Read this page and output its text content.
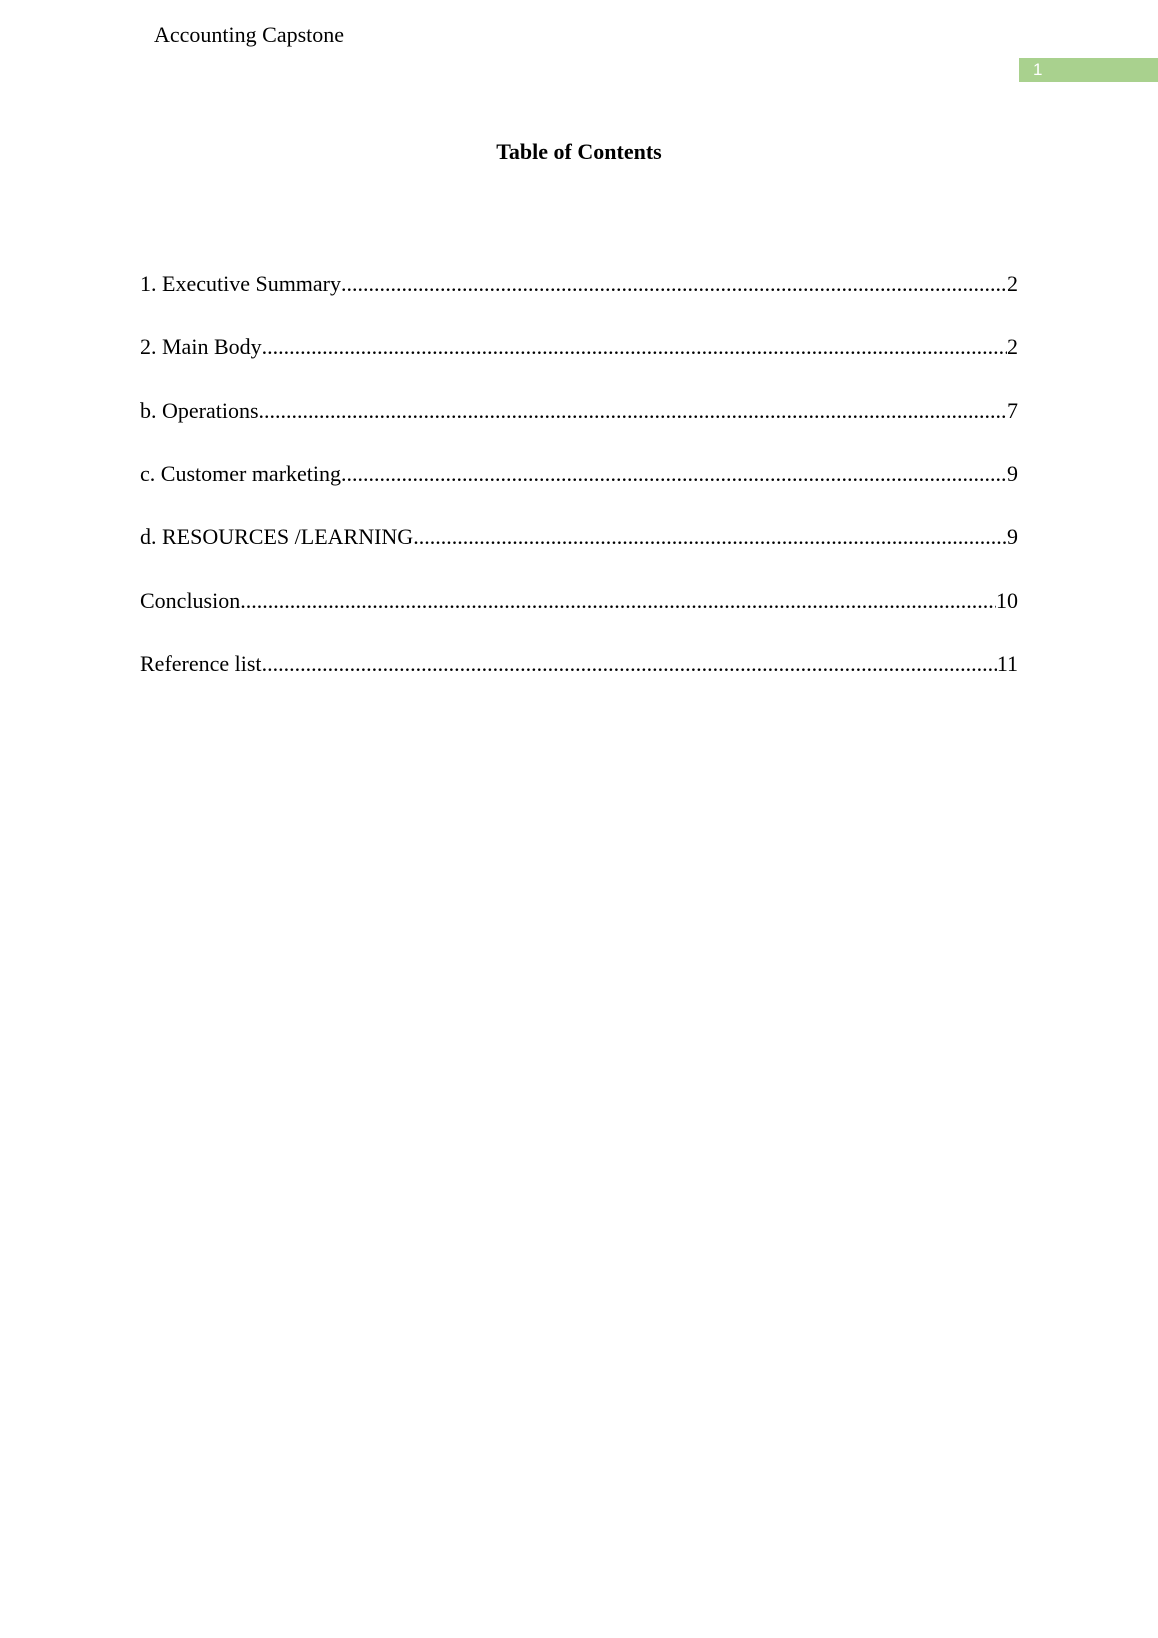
Accounting Capstone
1
Table of Contents
1. Executive Summary .....	2
2. Main Body .....	2
b. Operations .....	7
c. Customer marketing .....	9
d. RESOURCES /LEARNING .....	9
Conclusion .....	10
Reference list .....	11
